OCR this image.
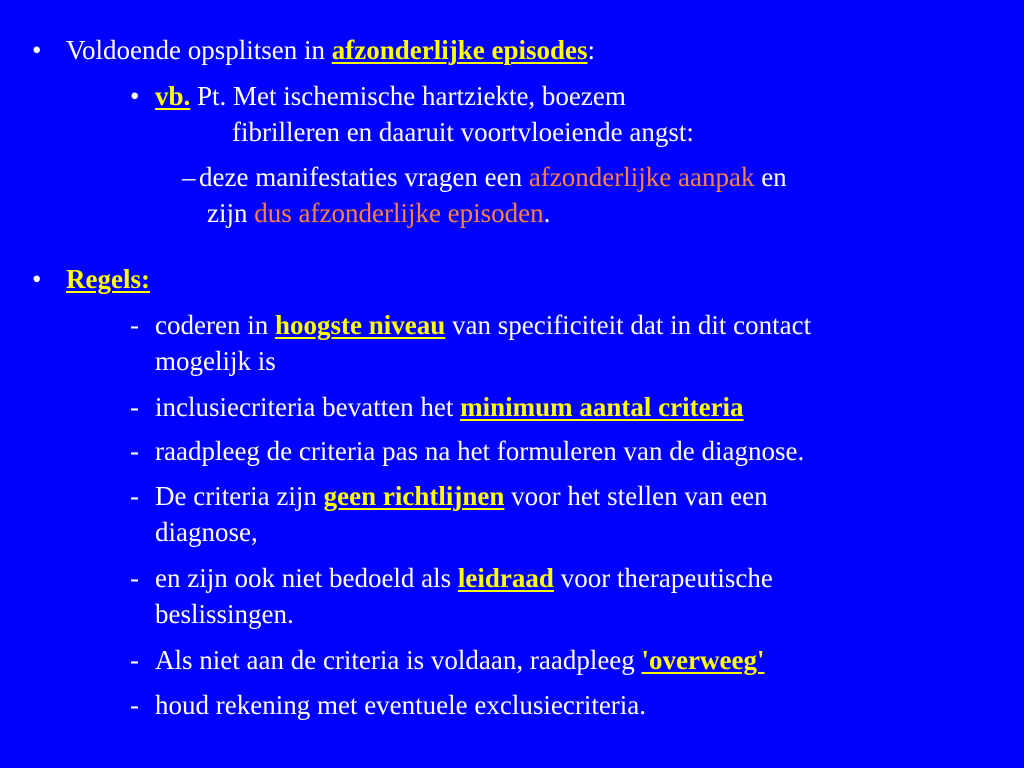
• Voldoende opsplitsen in afzonderlijke episodes:
• vb. Pt. Met ischemische hartziekte, boezem
fibrilleren en daaruit voortvloeiende angst:
– deze manifestaties vragen een afzonderlijke aanpak en
zijn dus afzonderlijke episoden.
• Regels:
- coderen in hoogste niveau van specificiteit dat in dit contact
mogelijk is
- inclusiecriteria bevatten het minimum aantal criteria
- raadpleeg de criteria pas na het formuleren van de diagnose.
- De criteria zijn geen richtlijnen voor het stellen van een
diagnose,
- en zijn ook niet bedoeld als leidraad voor therapeutische
beslissingen.
- Als niet aan de criteria is voldaan, raadpleeg 'overweeg'
- houd rekening met eventuele exclusiecriteria.
